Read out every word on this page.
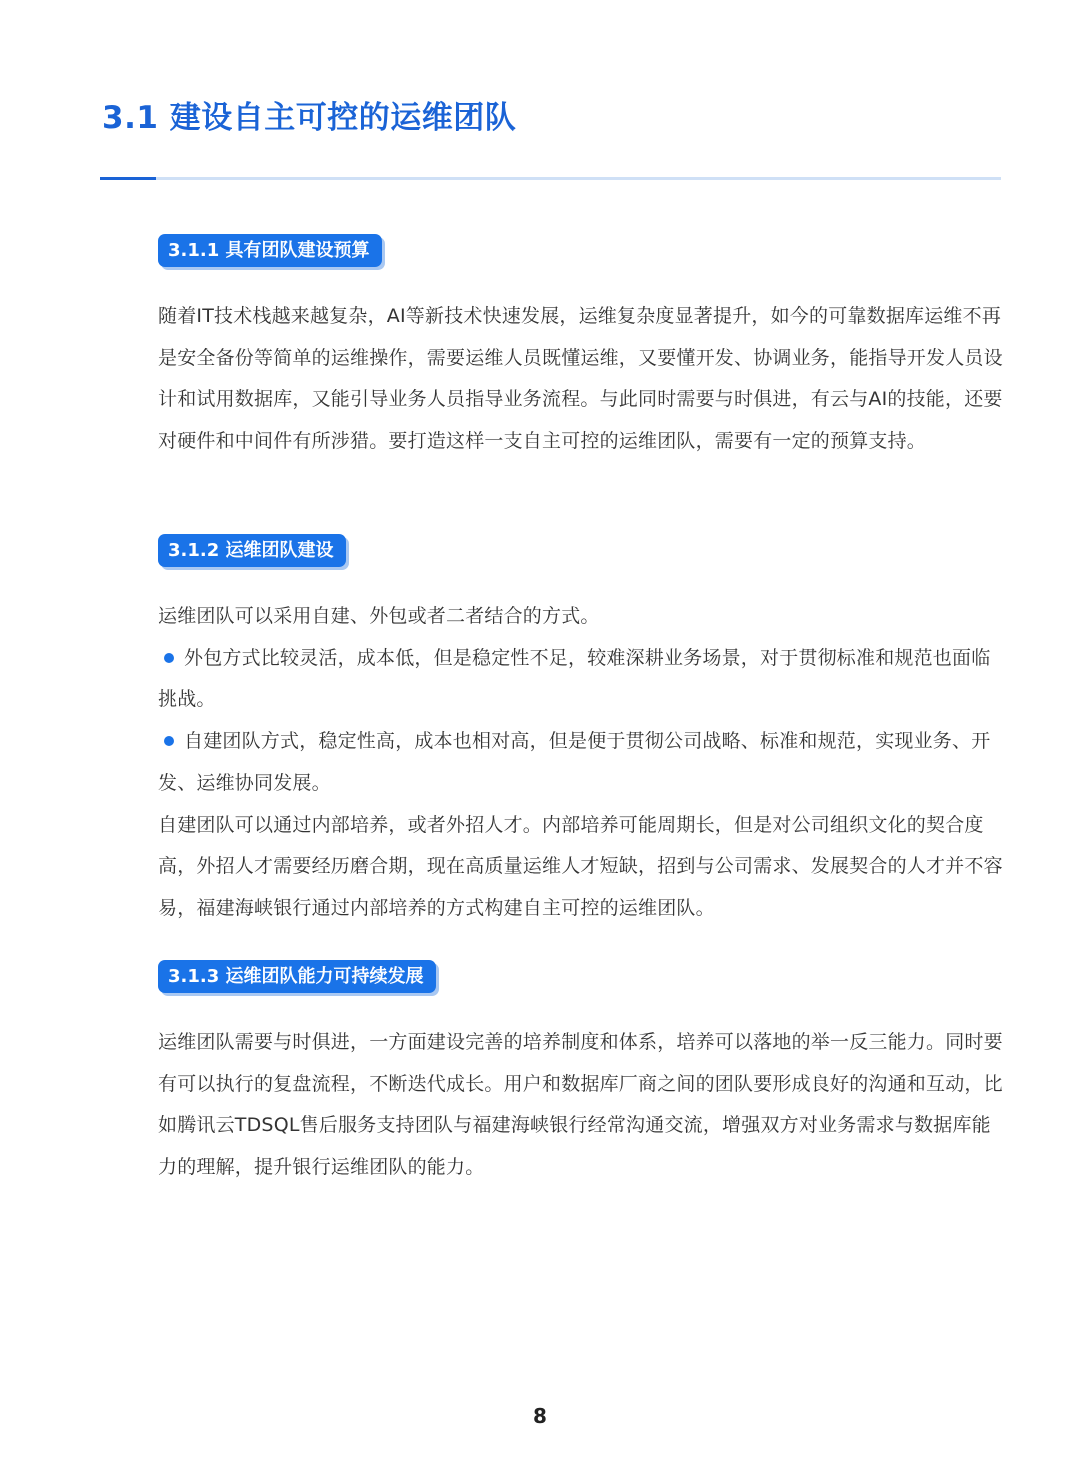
3.1 建设自主可控的运维团队
3.1.1 具有团队建设预算

随着IT技术栈越来越复杂，AI等新技术快速发展，运维复杂度显著提升，如今的可靠数据库运维不再是安全备份等简单的运维操作，需要运维人员既懂运维，又要懂开发、协调业务，能指导开发人员设计和试用数据库，又能引导业务人员指导业务流程。与此同时需要与时俱进，有云与AI的技能，还要对硬件和中间件有所涉猎。要打造这样一支自主可控的运维团队，需要有一定的预算支持。

3.1.2 运维团队建设

运维团队可以采用自建、外包或者二者结合的方式。

外包方式比较灵活，成本低，但是稳定性不足，较难深耕业务场景，对于贯彻标准和规范也面临挑战。
自建团队方式，稳定性高，成本也相对高，但是便于贯彻公司战略、标准和规范，实现业务、开发、运维协同发展。

自建团队可以通过内部培养，或者外招人才。内部培养可能周期长，但是对公司组织文化的契合度高，外招人才需要经历磨合期，现在高质量运维人才短缺，招到与公司需求、发展契合的人才并不容易，福建海峡银行通过内部培养的方式构建自主可控的运维团队。

3.1.3 运维团队能力可持续发展

运维团队需要与时俱进，一方面建设完善的培养制度和体系，培养可以落地的举一反三能力。同时要有可以执行的复盘流程，不断迭代成长。用户和数据库厂商之间的团队要形成良好的沟通和互动，比如腾讯云TDSQL售后服务支持团队与福建海峡银行经常沟通交流，增强双方对业务需求与数据库能力的理解，提升银行运维团队的能力。

8
